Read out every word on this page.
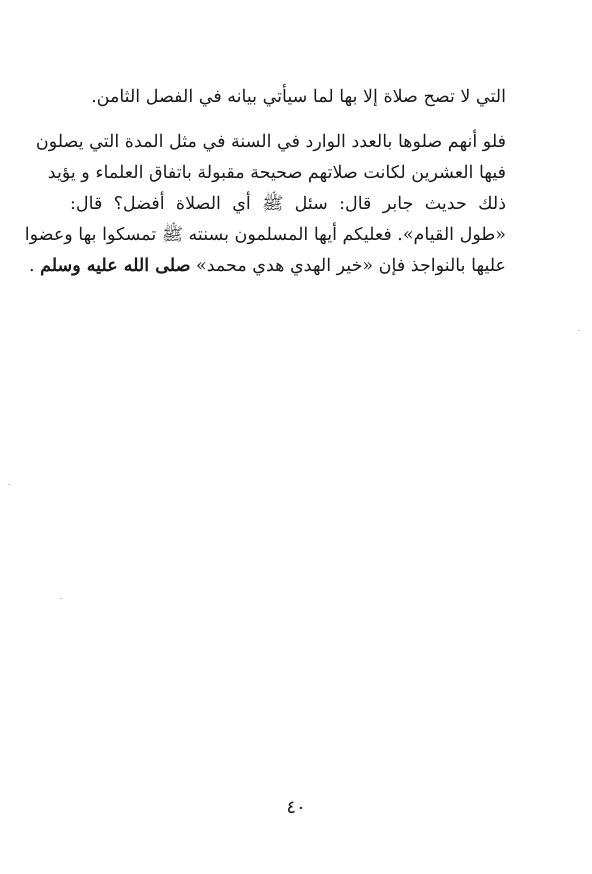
التي لا تصح صلاة إلا بها لما سيأتي بيانه في الفصل الثامن.
فلو أنهم صلوها بالعدد الوارد في السنة في مثل المدة التي يصلون
فيها العشرين لكانت صلاتهم صحيحة مقبولة باتفاق العلماء و يؤيد
ذلك حديث جابر قال: سئل ﷺ أي الصلاة أفضل؟ قال:
«طول القيام». فعليكم أيها المسلمون بسنته ﷺ تمسكوا بها وعضوا
عليها بالنواجذ فإن «خير الهدي هدي محمد» صلى الله عليه وسلم .
٤٠
